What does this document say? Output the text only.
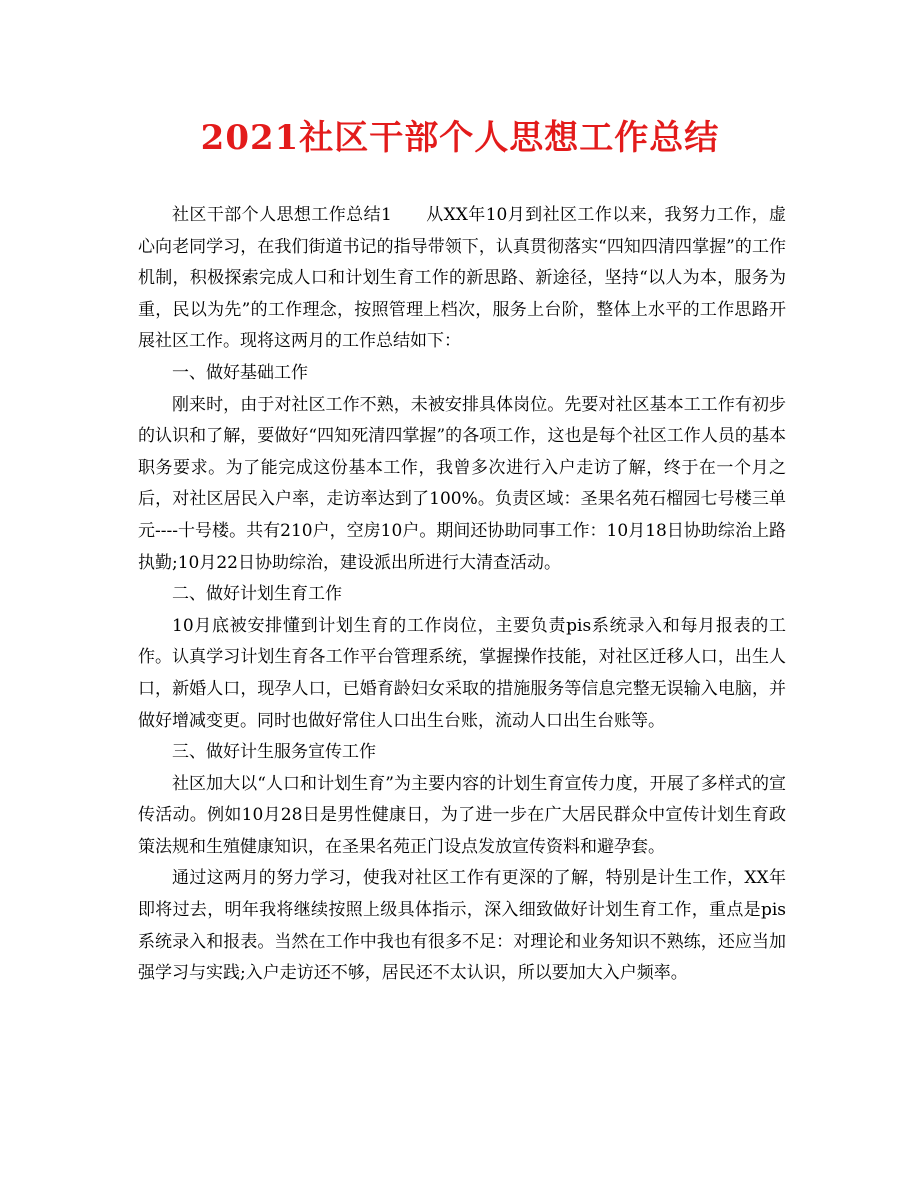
2021社区干部个人思想工作总结

社区干部个人思想工作总结1 从XX年10月到社区工作以来，我努力工作，虚心向老同学习，在我们街道书记的指导带领下，认真贯彻落实“四知四清四掌握”的工作机制，积极探索完成人口和计划生育工作的新思路、新途径，坚持“以人为本，服务为重，民以为先”的工作理念，按照管理上档次，服务上台阶，整体上水平的工作思路开展社区工作。现将这两月的工作总结如下：

一、做好基础工作

刚来时，由于对社区工作不熟，未被安排具体岗位。先要对社区基本工工作有初步的认识和了解，要做好“四知死清四掌握”的各项工作，这也是每个社区工作人员的基本职务要求。为了能完成这份基本工作，我曾多次进行入户走访了解，终于在一个月之后，对社区居民入户率，走访率达到了100%。负责区域：圣果名苑石榴园七号楼三单元----十号楼。共有210户，空房10户。期间还协助同事工作：10月18日协助综治上路执勤;10月22日协助综治，建设派出所进行大清查活动。

二、做好计划生育工作

10月底被安排懂到计划生育的工作岗位，主要负责pis系统录入和每月报表的工作。认真学习计划生育各工作平台管理系统，掌握操作技能，对社区迁移人口，出生人口，新婚人口，现孕人口，已婚育龄妇女采取的措施服务等信息完整无误输入电脑，并做好增减变更。同时也做好常住人口出生台账，流动人口出生台账等。

三、做好计生服务宣传工作

社区加大以“人口和计划生育”为主要内容的计划生育宣传力度，开展了多样式的宣传活动。例如10月28日是男性健康日，为了进一步在广大居民群众中宣传计划生育政策法规和生殖健康知识，在圣果名苑正门设点发放宣传资料和避孕套。

通过这两月的努力学习，使我对社区工作有更深的了解，特别是计生工作，XX年即将过去，明年我将继续按照上级具体指示，深入细致做好计划生育工作，重点是pis系统录入和报表。当然在工作中我也有很多不足：对理论和业务知识不熟练，还应当加强学习与实践;入户走访还不够，居民还不太认识，所以要加大入户频率。
